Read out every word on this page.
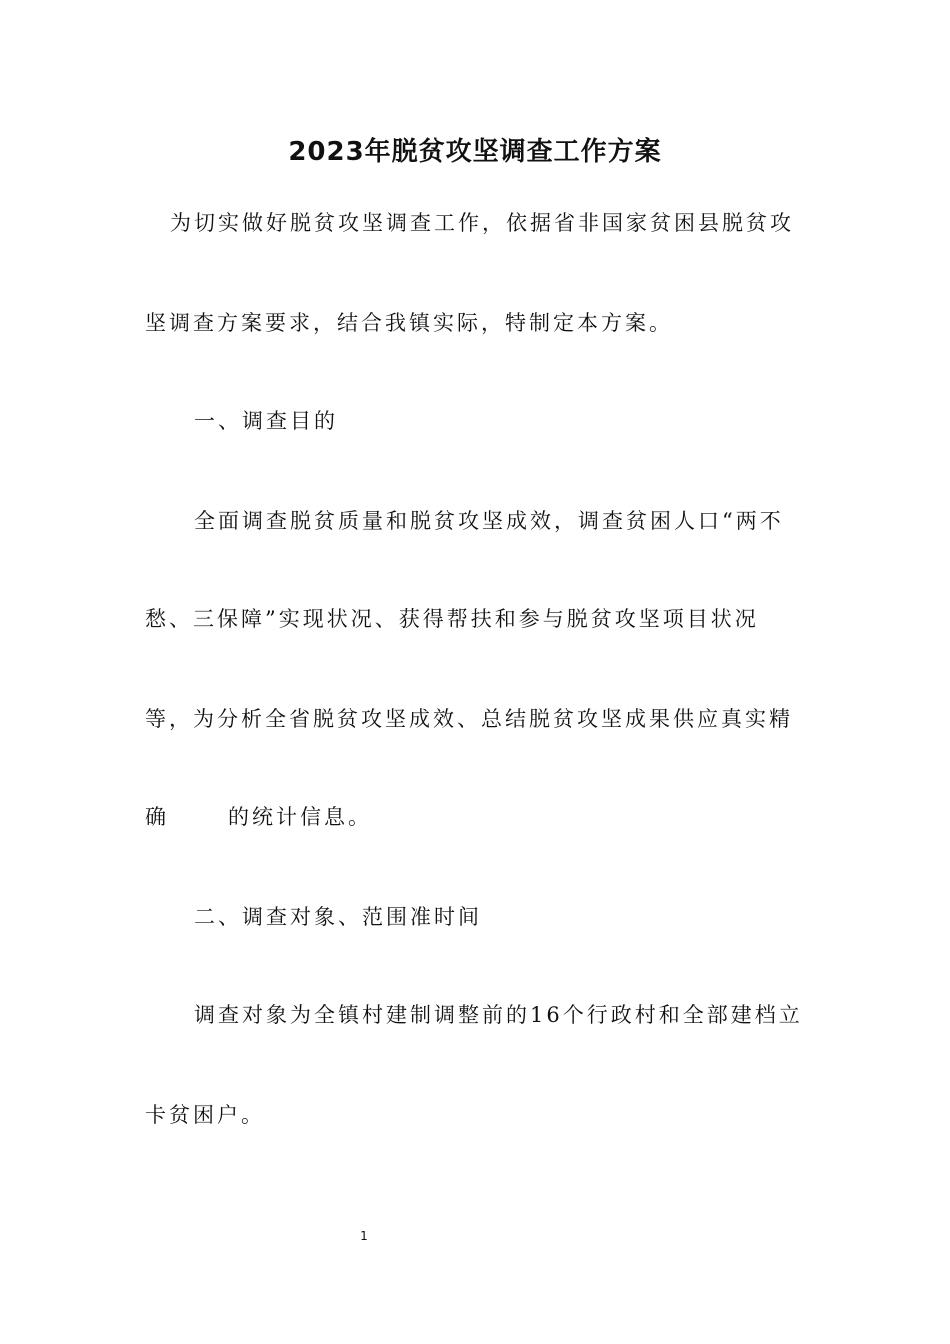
2023年脱贫攻坚调查工作方案
为切实做好脱贫攻坚调查工作，依据省非国家贫困县脱贫攻
坚调查方案要求，结合我镇实际，特制定本方案。
一、调查目的
全面调查脱贫质量和脱贫攻坚成效，调查贫困人口“两不
愁、三保障”实现状况、获得帮扶和参与脱贫攻坚项目状况
等，为分析全省脱贫攻坚成效、总结脱贫攻坚成果供应真实精
确	的统计信息。
二、调查对象、范围准时间
调查对象为全镇村建制调整前的16个行政村和全部建档立
卡贫困户。
1
